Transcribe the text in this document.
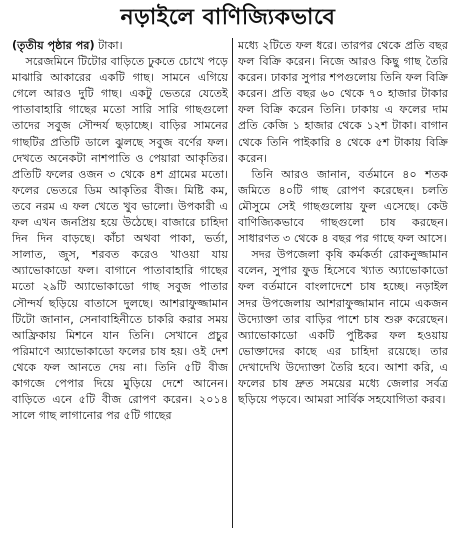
নড়াইলে বাণিজ্যিকভাবে

(তৃতীয় পৃষ্ঠার পর) টাকা।

সরেজমিনে টিটোর বাড়িতে ঢুকতে চোখে পড়ে মাঝারি আকারের একটি গাছ। সামনে এগিয়ে গেলে আরও দুটি গাছ। একটু ভেতরে যেতেই পাতাবাহারি গাছের মতো সারি সারি গাছগুলো তাদের সবুজ সৌন্দর্য ছড়াচ্ছে। বাড়ির সামনের গাছটির প্রতিটি ডালে ঝুলছে সবুজ বর্ণের ফল। দেখতে অনেকটা নাশপাতি ও পেয়ারা আকৃতির। প্রতিটি ফলের ওজন ৩ থেকে ৪শ গ্রামের মতো। ফলের ভেতরে ডিম আকৃতির বীজ। মিষ্টি কম, তবে নরম এ ফল খেতে খুব ভালো। উপকারী এ ফল এখন জনপ্রিয় হয়ে উঠেছে। বাজারে চাহিদা দিন দিন বাড়ছে। কাঁচা অথবা পাকা, ভর্তা, সালাত, জুস, শরবত করেও খাওয়া যায় অ্যাভোকাডো ফল। বাগানে পাতাবাহারি গাছের মতো ২৯টি অ্যাভোকাডো গাছ সবুজ পাতার সৌন্দর্য ছড়িয়ে বাতাসে দুলছে। আশরাফুজ্জামান টিটো জানান, সেনাবাহিনীতে চাকরি করার সময় আফ্রিকায় মিশনে যান তিনি। সেখানে প্রচুর পরিমাণে অ্যাভোকাডো ফলের চাষ হয়। ওই দেশ থেকে ফল আনতে দেয় না। তিনি ৫টি বীজ কাগজে পেপার দিয়ে মুড়িয়ে দেশে আনেন। বাড়িতে এনে ৫টি বীজ রোপণ করেন। ২০১৪ সালে গাছ লাগানোর পর ৫টি গাছের

মধ্যে ২টিতে ফল ধরে। তারপর থেকে প্রতি বছর ফল বিক্রি করেন। নিজে আরও কিছু গাছ তৈরি করেন। ঢাকার সুপার শপগুলোয় তিনি ফল বিক্রি করেন। প্রতি বছর ৬০ থেকে ৭০ হাজার টাকার ফল বিক্রি করেন তিনি। ঢাকায় এ ফলের দাম প্রতি কেজি ১ হাজার থেকে ১২শ টাকা। বাগান থেকে তিনি পাইকারি ৪ থেকে ৫শ টাকায় বিক্রি করেন।

তিনি আরও জানান, বর্তমানে ৪০ শতক জমিতে ৪০টি গাছ রোপণ করেছেন। চলতি মৌসুমে সেই গাছগুলোয় ফুল এসেছে। কেউ বাণিজ্যিকভাবে গাছগুলো চাষ করছেন। সাধারণত ৩ থেকে ৪ বছর পর গাছে ফল আসে।

সদর উপজেলা কৃষি কর্মকর্তা রোকনুজ্জামান বলেন, সুপার ফুড হিসেবে খ্যাত অ্যাভোকাডো ফল বর্তমানে বাংলাদেশে চাষ হচ্ছে। নড়াইল সদর উপজেলায় আশরাফুজ্জামান নামে একজন উদ্যোক্তা তার বাড়ির পাশে চাষ শুরু করেছেন। অ্যাভোকাডো একটি পুষ্টিকর ফল হওয়ায় ভোক্তাদের কাছে এর চাহিদা রয়েছে। তার দেখাদেখি উদ্যোক্তা তৈরি হবে। আশা করি, এ ফলের চাষ দ্রুত সময়ের মধ্যে জেলার সর্বত্র ছড়িয়ে পড়বে। আমরা সার্বিক সহযোগিতা করব।
